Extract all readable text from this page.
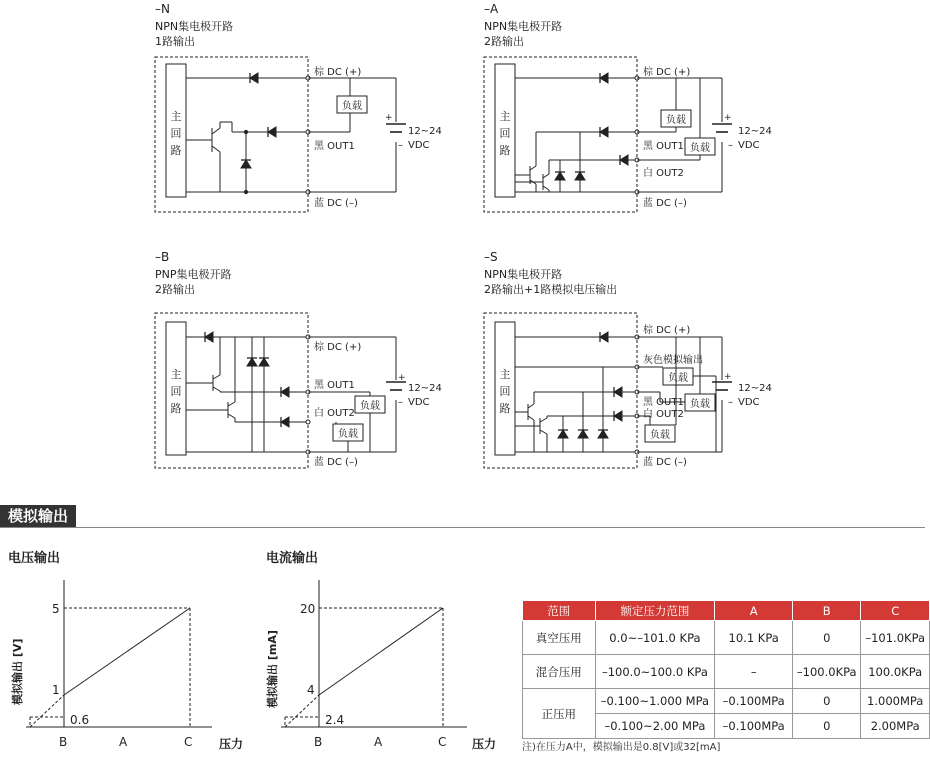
–N
NPN集电极开路
1路输出
主
回
路
棕 DC (+)
黑 OUT1
蓝 DC (–)
负载
+
12~24
– VDC
–A
NPN集电极开路
2路输出
主
回
路
棕 DC (+)
黑 OUT1
白 OUT2
蓝 DC (–)
负载
负载
+
12~24
– VDC
–B
PNP集电极开路
2路输出
主
回
路
棕 DC (+)
黑 OUT1
白 OUT2
蓝 DC (–)
负载
负载
+
12~24
– VDC
–S
NPN集电极开路
2路输出+1路模拟电压输出
主
回
路
棕 DC (+)
灰色模拟输出
黑 OUT1
白 OUT2
蓝 DC (–)
负载
负载
负载
+
12~24
– VDC
电压输出
模拟输出 [V]
5
1
0.6
B	A	C 压力
电流输出
模拟输出 [mA]
20
4
2.4
B	A	C 压力
模拟输出
范围	额定压力范围	A	B	C
真空压用	0.0~–101.0 KPa	10.1 KPa	0	–101.0KPa
混合压用	–100.0~100.0 KPa	–	–100.0KPa	100.0KPa
正压用	–0.100~1.000 MPa	–0.100MPa	0	1.000MPa
	–0.100~2.00 MPa	–0.100MPa	0	2.00MPa
注)在压力A中，模拟输出是0.8[V]或32[mA]
